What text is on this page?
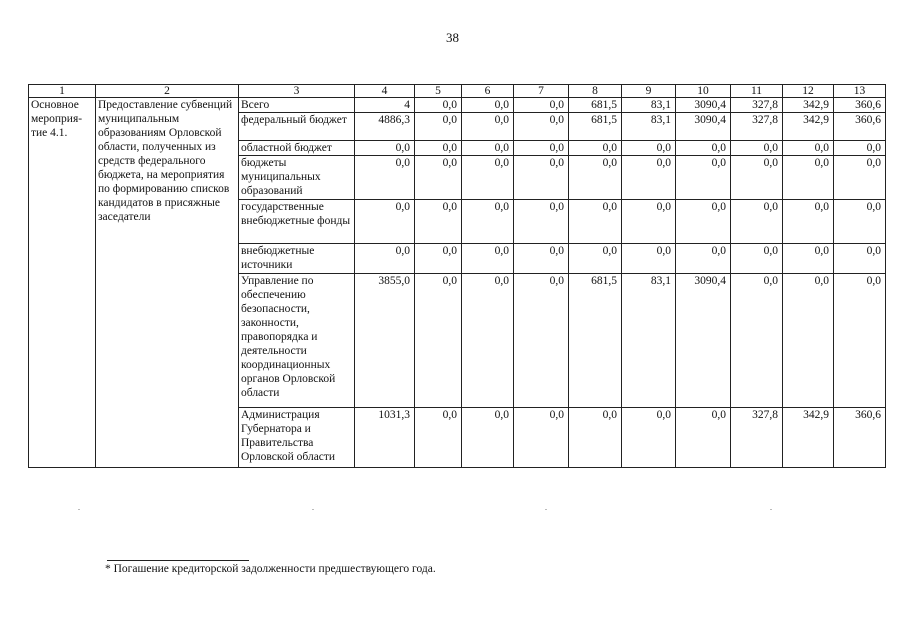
38
1	2	3	4	5	6	7	8	9	10	11	12	13
Основное мероприя-тие 4.1.	Предоставление субвенций муниципальным образованиям Орловской области, полученных из средств федерального бюджета, на мероприятия по формированию списков кандидатов в присяжные заседатели	Всего	4	0,0	0,0	0,0	681,5	83,1	3090,4	327,8	342,9	360,6
		федеральный бюджет	4886,3	0,0	0,0	0,0	681,5	83,1	3090,4	327,8	342,9	360,6
		областной бюджет	0,0	0,0	0,0	0,0	0,0	0,0	0,0	0,0	0,0	0,0
		бюджеты муниципальных образований	0,0	0,0	0,0	0,0	0,0	0,0	0,0	0,0	0,0	0,0
		государственные внебюджетные фонды	0,0	0,0	0,0	0,0	0,0	0,0	0,0	0,0	0,0	0,0
		внебюджетные источники	0,0	0,0	0,0	0,0	0,0	0,0	0,0	0,0	0,0	0,0
		Управление по обеспечению безопасности, законности, правопорядка и деятельности координационных органов Орловской области	3855,0	0,0	0,0	0,0	681,5	83,1	3090,4	0,0	0,0	0,0
		Администрация Губернатора и Правительства Орловской области	1031,3	0,0	0,0	0,0	0,0	0,0	0,0	327,8	342,9	360,6
* Погашение кредиторской задолженности предшествующего года.
